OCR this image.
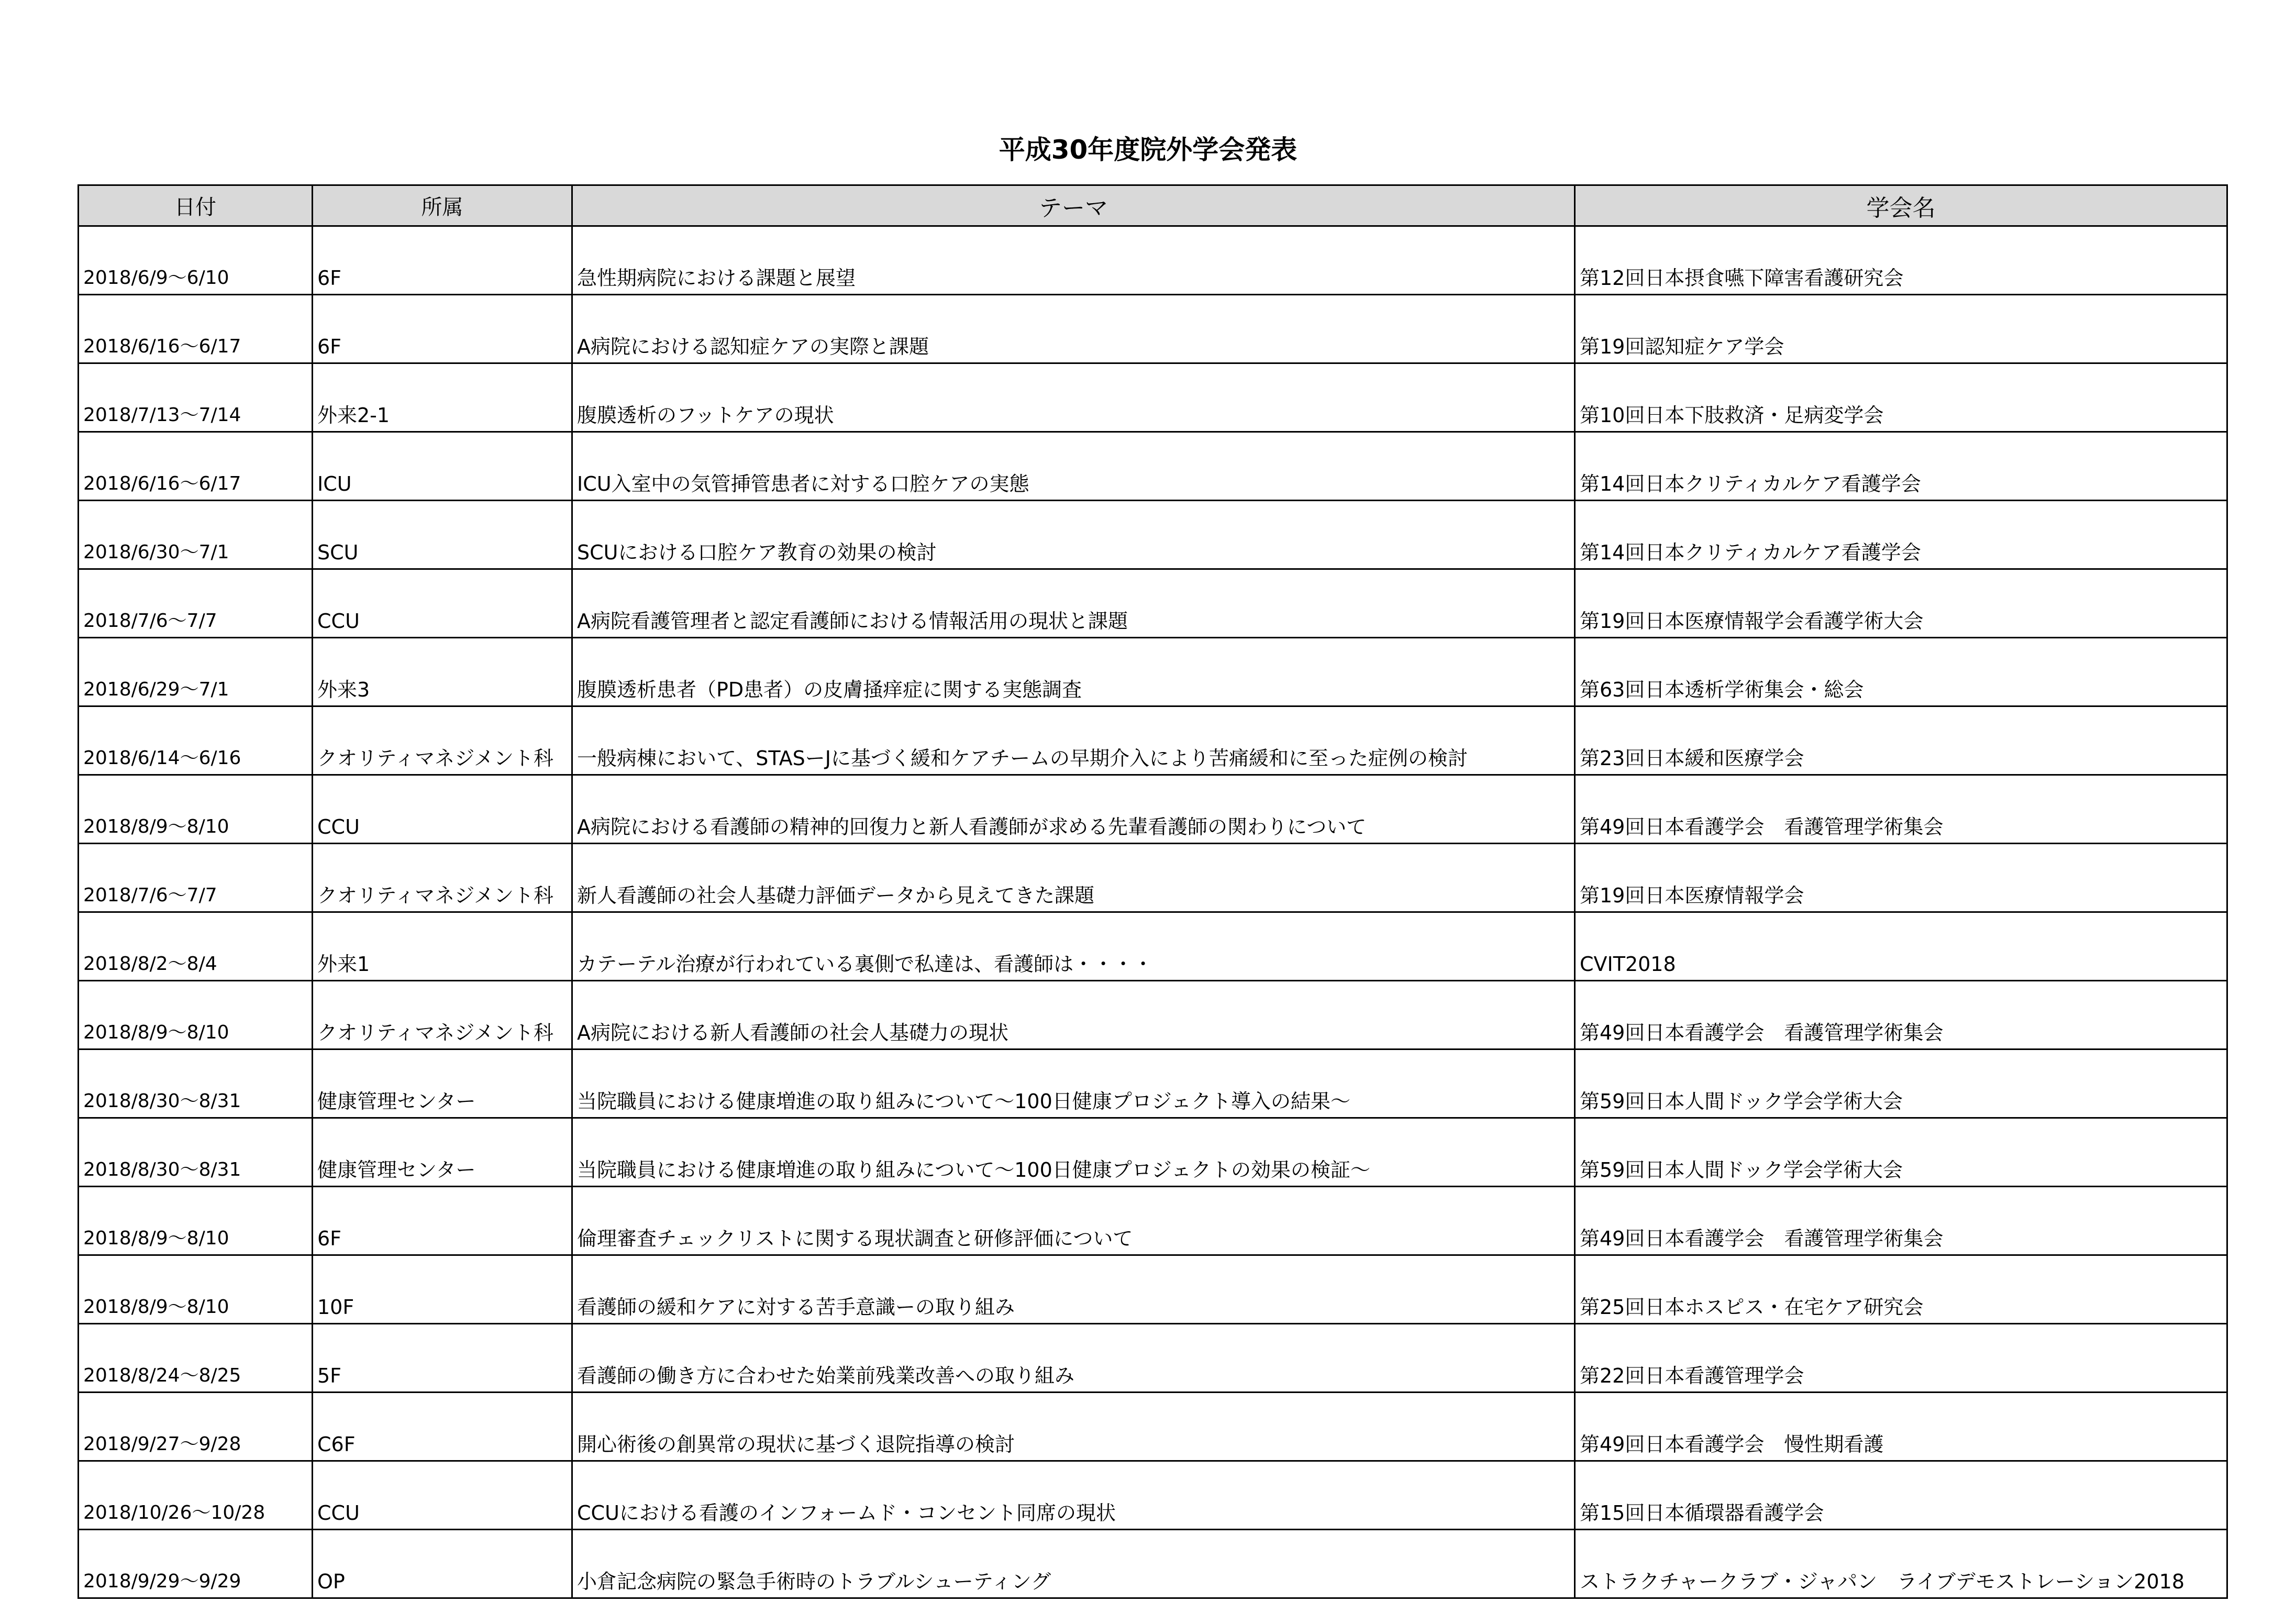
平成30年度院外学会発表
日付	所属	テーマ	学会名
2018/6/9～6/10	6F	急性期病院における課題と展望	第12回日本摂食嚥下障害看護研究会
2018/6/16～6/17	6F	A病院における認知症ケアの実際と課題	第19回認知症ケア学会
2018/7/13～7/14	外来2-1	腹膜透析のフットケアの現状	第10回日本下肢救済・足病変学会
2018/6/16～6/17	ICU	ICU入室中の気管挿管患者に対する口腔ケアの実態	第14回日本クリティカルケア看護学会
2018/6/30～7/1	SCU	SCUにおける口腔ケア教育の効果の検討	第14回日本クリティカルケア看護学会
2018/7/6～7/7	CCU	A病院看護管理者と認定看護師における情報活用の現状と課題	第19回日本医療情報学会看護学術大会
2018/6/29～7/1	外来3	腹膜透析患者（PD患者）の皮膚掻痒症に関する実態調査	第63回日本透析学術集会・総会
2018/6/14～6/16	クオリティマネジメント科	一般病棟において、STASーJに基づく緩和ケアチームの早期介入により苦痛緩和に至った症例の検討	第23回日本緩和医療学会
2018/8/9～8/10	CCU	A病院における看護師の精神的回復力と新人看護師が求める先輩看護師の関わりについて	第49回日本看護学会　看護管理学術集会
2018/7/6～7/7	クオリティマネジメント科	新人看護師の社会人基礎力評価データから見えてきた課題	第19回日本医療情報学会
2018/8/2～8/4	外来1	カテーテル治療が行われている裏側で私達は、看護師は・・・・	CVIT2018
2018/8/9～8/10	クオリティマネジメント科	A病院における新人看護師の社会人基礎力の現状	第49回日本看護学会　看護管理学術集会
2018/8/30～8/31	健康管理センター	当院職員における健康増進の取り組みについて～100日健康プロジェクト導入の結果～	第59回日本人間ドック学会学術大会
2018/8/30～8/31	健康管理センター	当院職員における健康増進の取り組みについて～100日健康プロジェクトの効果の検証～	第59回日本人間ドック学会学術大会
2018/8/9～8/10	6F	倫理審査チェックリストに関する現状調査と研修評価について	第49回日本看護学会　看護管理学術集会
2018/8/9～8/10	10F	看護師の緩和ケアに対する苦手意識ーの取り組み	第25回日本ホスピス・在宅ケア研究会
2018/8/24～8/25	5F	看護師の働き方に合わせた始業前残業改善への取り組み	第22回日本看護管理学会
2018/9/27～9/28	C6F	開心術後の創異常の現状に基づく退院指導の検討	第49回日本看護学会　慢性期看護
2018/10/26～10/28	CCU	CCUにおける看護のインフォームド・コンセント同席の現状	第15回日本循環器看護学会
2018/9/29～9/29	OP	小倉記念病院の緊急手術時のトラブルシューティング	ストラクチャークラブ・ジャパン　ライブデモストレーション2018
